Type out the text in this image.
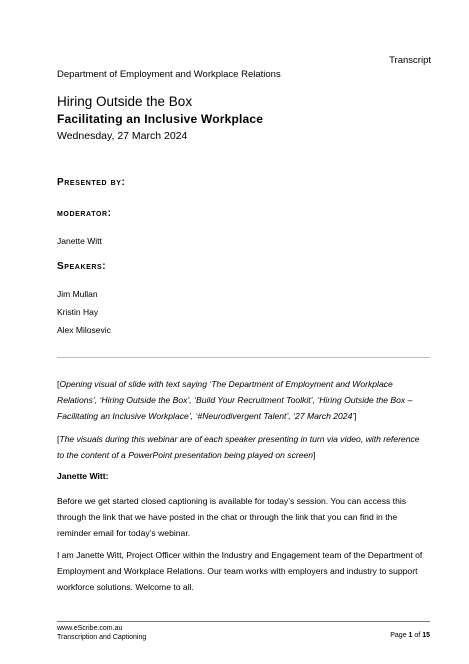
Transcript
Department of Employment and Workplace Relations
Hiring Outside the Box
Facilitating an Inclusive Workplace
Wednesday, 27 March 2024
Presented by:
moderator:
Janette Witt
Speakers:
Jim Mullan
Kristin Hay
Alex Milosevic
[Opening visual of slide with text saying ‘The Department of Employment and Workplace Relations’, ‘Hiring Outside the Box’, ‘Build Your Recruitment Toolkit’, ‘Hiring Outside the Box – Facilitating an Inclusive Workplace’, ‘#Neurodivergent Talent’, ‘27 March 2024’]
[The visuals during this webinar are of each speaker presenting in turn via video, with reference to the content of a PowerPoint presentation being played on screen]
Janette Witt:
Before we get started closed captioning is available for today’s session. You can access this through the link that we have posted in the chat or through the link that you can find in the reminder email for today’s webinar.
I am Janette Witt, Project Officer within the Industry and Engagement team of the Department of Employment and Workplace Relations. Our team works with employers and industry to support workforce solutions. Welcome to all.
www.eScribe.com.au
Transcription and Captioning	Page 1 of 15
